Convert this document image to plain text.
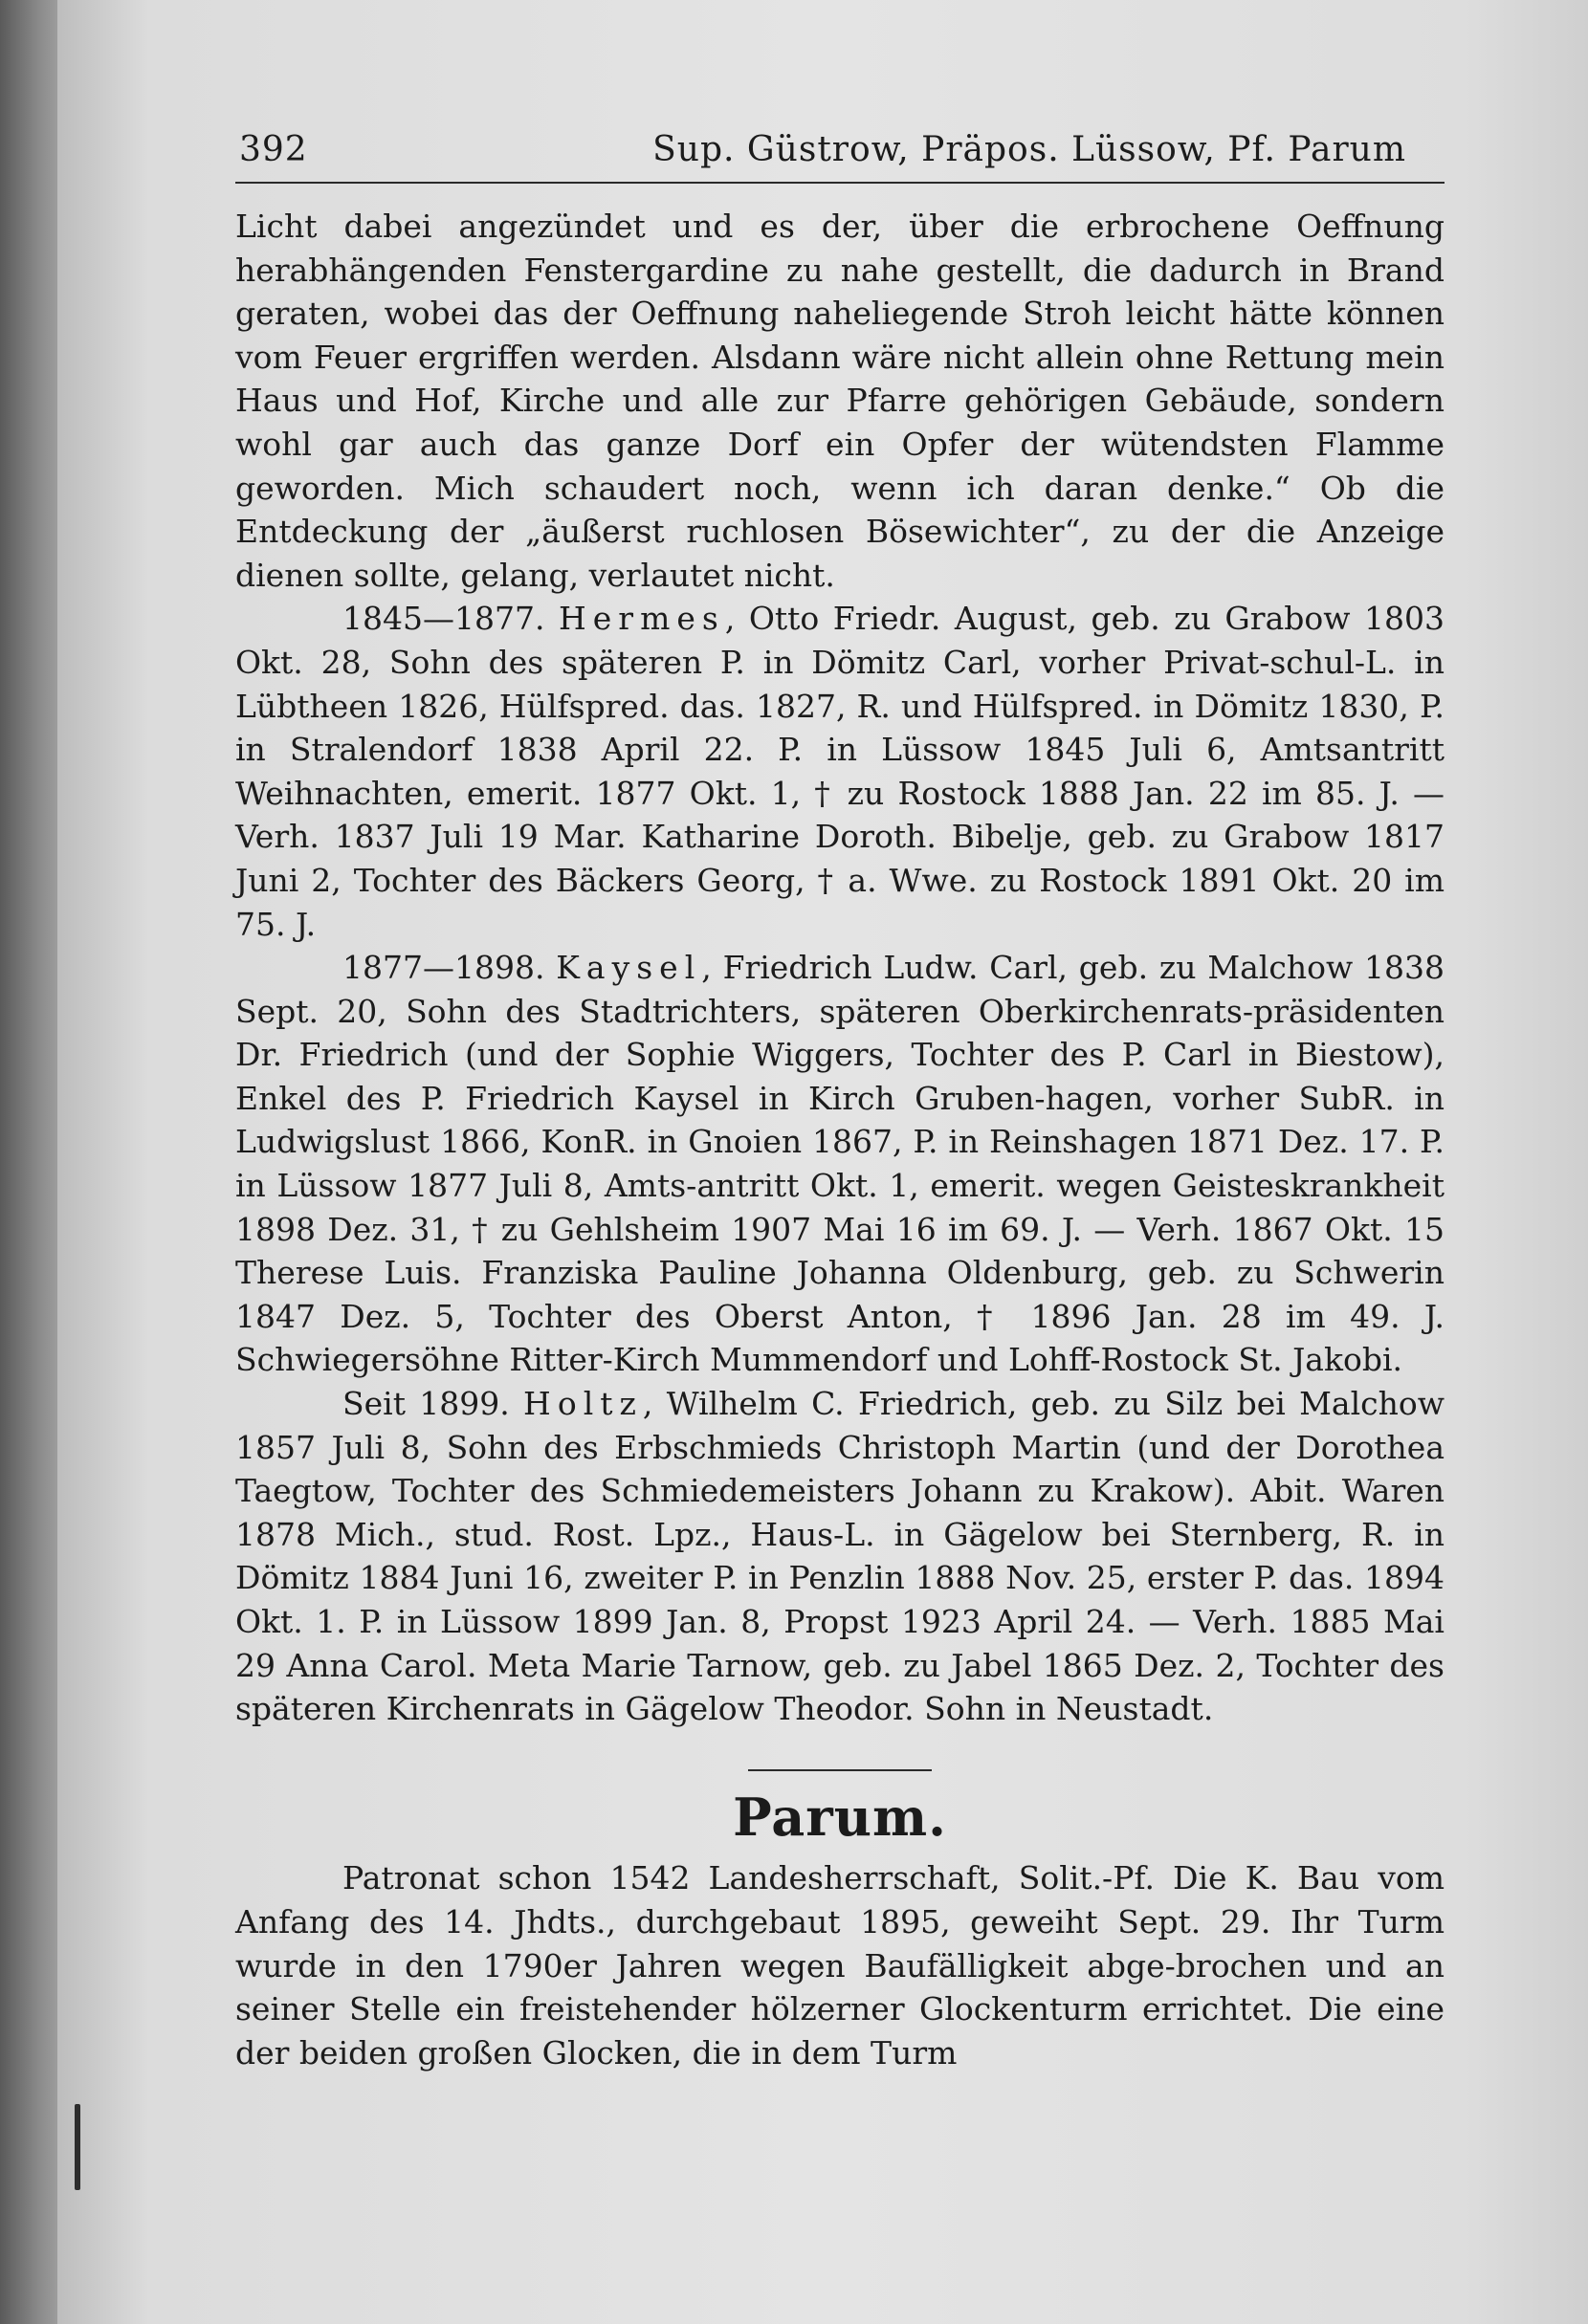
392	Sup. Güstrow, Präpos. Lüssow, Pf. Parum

Licht dabei angezündet und es der, über die erbrochene Oeffnung herabhängenden Fenstergardine zu nahe gestellt, die dadurch in Brand geraten, wobei das der Oeffnung naheliegende Stroh leicht hätte können vom Feuer ergriffen werden. Alsdann wäre nicht allein ohne Rettung mein Haus und Hof, Kirche und alle zur Pfarre gehörigen Gebäude, sondern wohl gar auch das ganze Dorf ein Opfer der wütendsten Flamme geworden. Mich schaudert noch, wenn ich daran denke.“ Ob die Entdeckung der „äußerst ruchlosen Bösewichter“, zu der die Anzeige dienen sollte, gelang, verlautet nicht.

1845—1877. Hermes, Otto Friedr. August, geb. zu Grabow 1803 Okt. 28, Sohn des späteren P. in Dömitz Carl, vorher Privat-schul-L. in Lübtheen 1826, Hülfspred. das. 1827, R. und Hülfspred. in Dömitz 1830, P. in Stralendorf 1838 April 22. P. in Lüssow 1845 Juli 6, Amtsantritt Weihnachten, emerit. 1877 Okt. 1, † zu Rostock 1888 Jan. 22 im 85. J. — Verh. 1837 Juli 19 Mar. Katharine Doroth. Bibelje, geb. zu Grabow 1817 Juni 2, Tochter des Bäckers Georg, † a. Wwe. zu Rostock 1891 Okt. 20 im 75. J.

1877—1898. Kaysel, Friedrich Ludw. Carl, geb. zu Malchow 1838 Sept. 20, Sohn des Stadtrichters, späteren Oberkirchenrats-präsidenten Dr. Friedrich (und der Sophie Wiggers, Tochter des P. Carl in Biestow), Enkel des P. Friedrich Kaysel in Kirch Gruben-hagen, vorher SubR. in Ludwigslust 1866, KonR. in Gnoien 1867, P. in Reinshagen 1871 Dez. 17. P. in Lüssow 1877 Juli 8, Amts-antritt Okt. 1, emerit. wegen Geisteskrankheit 1898 Dez. 31, † zu Gehlsheim 1907 Mai 16 im 69. J. — Verh. 1867 Okt. 15 Therese Luis. Franziska Pauline Johanna Oldenburg, geb. zu Schwerin 1847 Dez. 5, Tochter des Oberst Anton, † 1896 Jan. 28 im 49. J. Schwiegersöhne Ritter-Kirch Mummendorf und Lohff-Rostock St. Jakobi.

Seit 1899. Holtz, Wilhelm C. Friedrich, geb. zu Silz bei Malchow 1857 Juli 8, Sohn des Erbschmieds Christoph Martin (und der Dorothea Taegtow, Tochter des Schmiedemeisters Johann zu Krakow). Abit. Waren 1878 Mich., stud. Rost. Lpz., Haus-L. in Gägelow bei Sternberg, R. in Dömitz 1884 Juni 16, zweiter P. in Penzlin 1888 Nov. 25, erster P. das. 1894 Okt. 1. P. in Lüssow 1899 Jan. 8, Propst 1923 April 24. — Verh. 1885 Mai 29 Anna Carol. Meta Marie Tarnow, geb. zu Jabel 1865 Dez. 2, Tochter des späteren Kirchenrats in Gägelow Theodor. Sohn in Neustadt.

Parum.

Patronat schon 1542 Landesherrschaft, Solit.-Pf. Die K. Bau vom Anfang des 14. Jhdts., durchgebaut 1895, geweiht Sept. 29. Ihr Turm wurde in den 1790er Jahren wegen Baufälligkeit abge-brochen und an seiner Stelle ein freistehender hölzerner Glockenturm errichtet. Die eine der beiden großen Glocken, die in dem Turm
